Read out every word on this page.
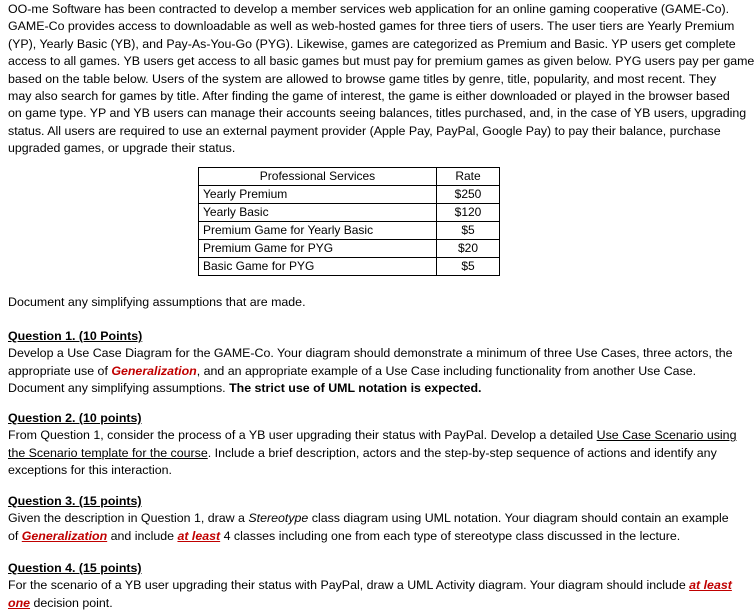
OO-me Software has been contracted to develop a member services web application for an online gaming cooperative (GAME-Co).
GAME-Co provides access to downloadable as well as web-hosted games for three tiers of users. The user tiers are Yearly Premium
(YP), Yearly Basic (YB), and Pay-As-You-Go (PYG). Likewise, games are categorized as Premium and Basic. YP users get complete
access to all games. YB users get access to all basic games but must pay for premium games as given below. PYG users pay per game
based on the table below. Users of the system are allowed to browse game titles by genre, title, popularity, and most recent. They
may also search for games by title. After finding the game of interest, the game is either downloaded or played in the browser based
on game type. YP and YB users can manage their accounts seeing balances, titles purchased, and, in the case of YB users, upgrading
status. All users are required to use an external payment provider (Apple Pay, PayPal, Google Pay) to pay their balance, purchase
upgraded games, or upgrade their status.
Professional Services	Rate
Yearly Premium	$250
Yearly Basic	$120
Premium Game for Yearly Basic	$5
Premium Game for PYG	$20
Basic Game for PYG	$5
Document any simplifying assumptions that are made.
Question 1. (10 Points)
Develop a Use Case Diagram for the GAME-Co. Your diagram should demonstrate a minimum of three Use Cases, three actors, the
appropriate use of Generalization, and an appropriate example of a Use Case including functionality from another Use Case.
Document any simplifying assumptions. The strict use of UML notation is expected.
Question 2. (10 points)
From Question 1, consider the process of a YB user upgrading their status with PayPal. Develop a detailed Use Case Scenario using
the Scenario template for the course. Include a brief description, actors and the step-by-step sequence of actions and identify any
exceptions for this interaction.
Question 3. (15 points)
Given the description in Question 1, draw a Stereotype class diagram using UML notation. Your diagram should contain an example
of Generalization and include at least 4 classes including one from each type of stereotype class discussed in the lecture.
Question 4. (15 points)
For the scenario of a YB user upgrading their status with PayPal, draw a UML Activity diagram. Your diagram should include at least
one decision point.
